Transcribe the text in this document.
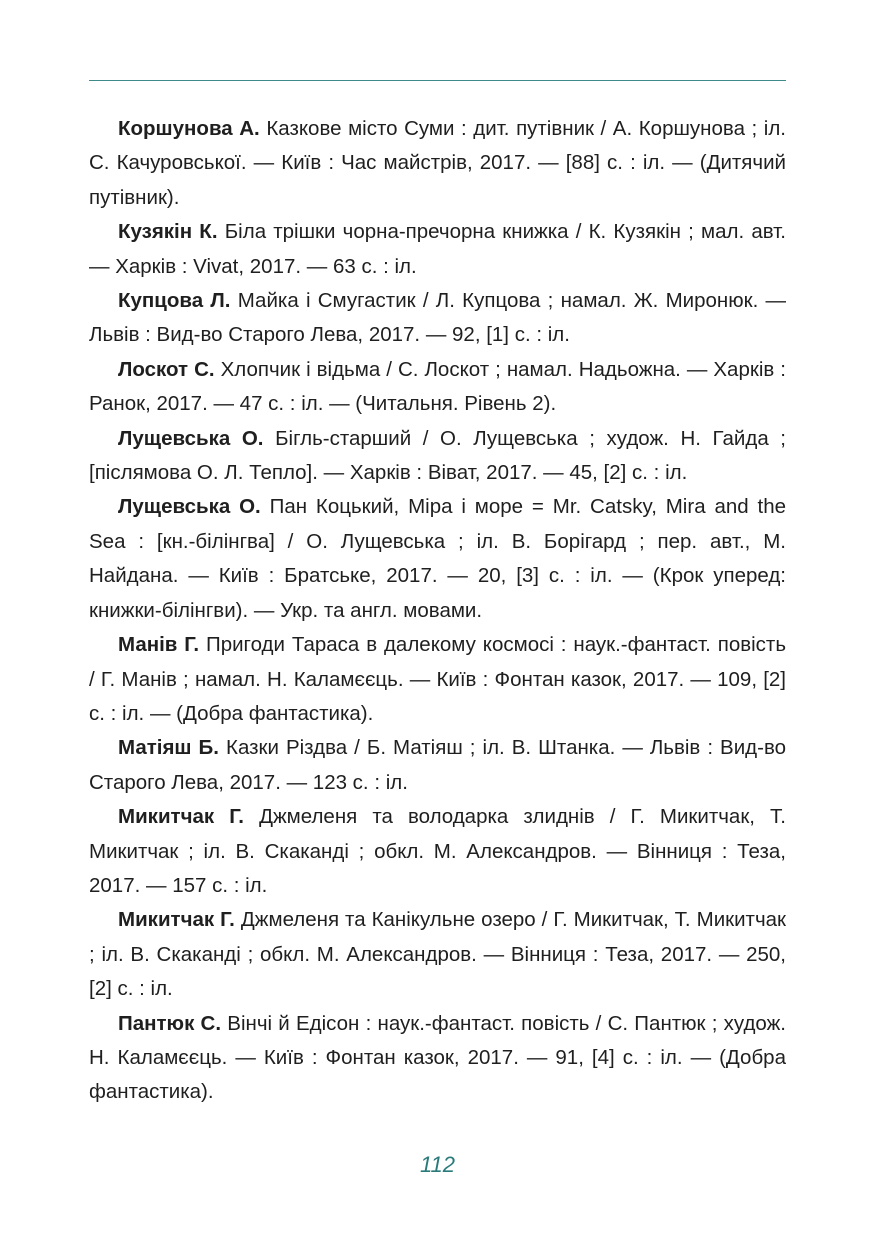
Коршунова А. Казкове місто Суми : дит. путівник / А. Коршунова ; іл. С. Качуровської. — Київ : Час майстрів, 2017. — [88] с. : іл. — (Дитячий путівник).

Кузякін К. Біла трішки чорна-пречорна книжка / К. Кузякін ; мал. авт. — Харків : Vivat, 2017. — 63 с. : іл.

Купцова Л. Майка і Смугастик / Л. Купцова ; намал. Ж. Миронюк. — Львів : Вид-во Старого Лева, 2017. — 92, [1] с. : іл.

Лоскот С. Хлопчик і відьма / С. Лоскот ; намал. Надьожна. — Харків : Ранок, 2017. — 47 с. : іл. — (Читальня. Рівень 2).

Лущевська О. Бігль-старший / О. Лущевська ; худож. Н. Гайда ; [післямова О. Л. Тепло]. — Харків : Віват, 2017. — 45, [2] с. : іл.

Лущевська О. Пан Коцький, Міра і море = Mr. Catsky, Mira and the Sea : [кн.-білінгва] / О. Лущевська ; іл. В. Борігард ; пер. авт., М. Найдана. — Київ : Братське, 2017. — 20, [3] с. : іл. — (Крок уперед: книжки-білінгви). — Укр. та англ. мовами.

Манів Г. Пригоди Тараса в далекому космосі : наук.-фантаст. повість / Г. Манів ; намал. Н. Каламєєць. — Київ : Фонтан казок, 2017. — 109, [2] с. : іл. — (Добра фантастика).

Матіяш Б. Казки Різдва / Б. Матіяш ; іл. В. Штанка. — Львів : Вид-во Старого Лева, 2017. — 123 с. : іл.

Микитчак Г. Джмеленя та володарка злиднів / Г. Микитчак, Т. Микитчак ; іл. В. Скаканді ; обкл. М. Александров. — Вінниця : Теза, 2017. — 157 с. : іл.

Микитчак Г. Джмеленя та Канікульне озеро / Г. Микитчак, Т. Микитчак ; іл. В. Скаканді ; обкл. М. Александров. — Вінниця : Теза, 2017. — 250, [2] с. : іл.

Пантюк С. Вінчі й Едісон : наук.-фантаст. повість / С. Пантюк ; худож. Н. Каламєєць. — Київ : Фонтан казок, 2017. — 91, [4] с. : іл. — (Добра фантастика).

112
